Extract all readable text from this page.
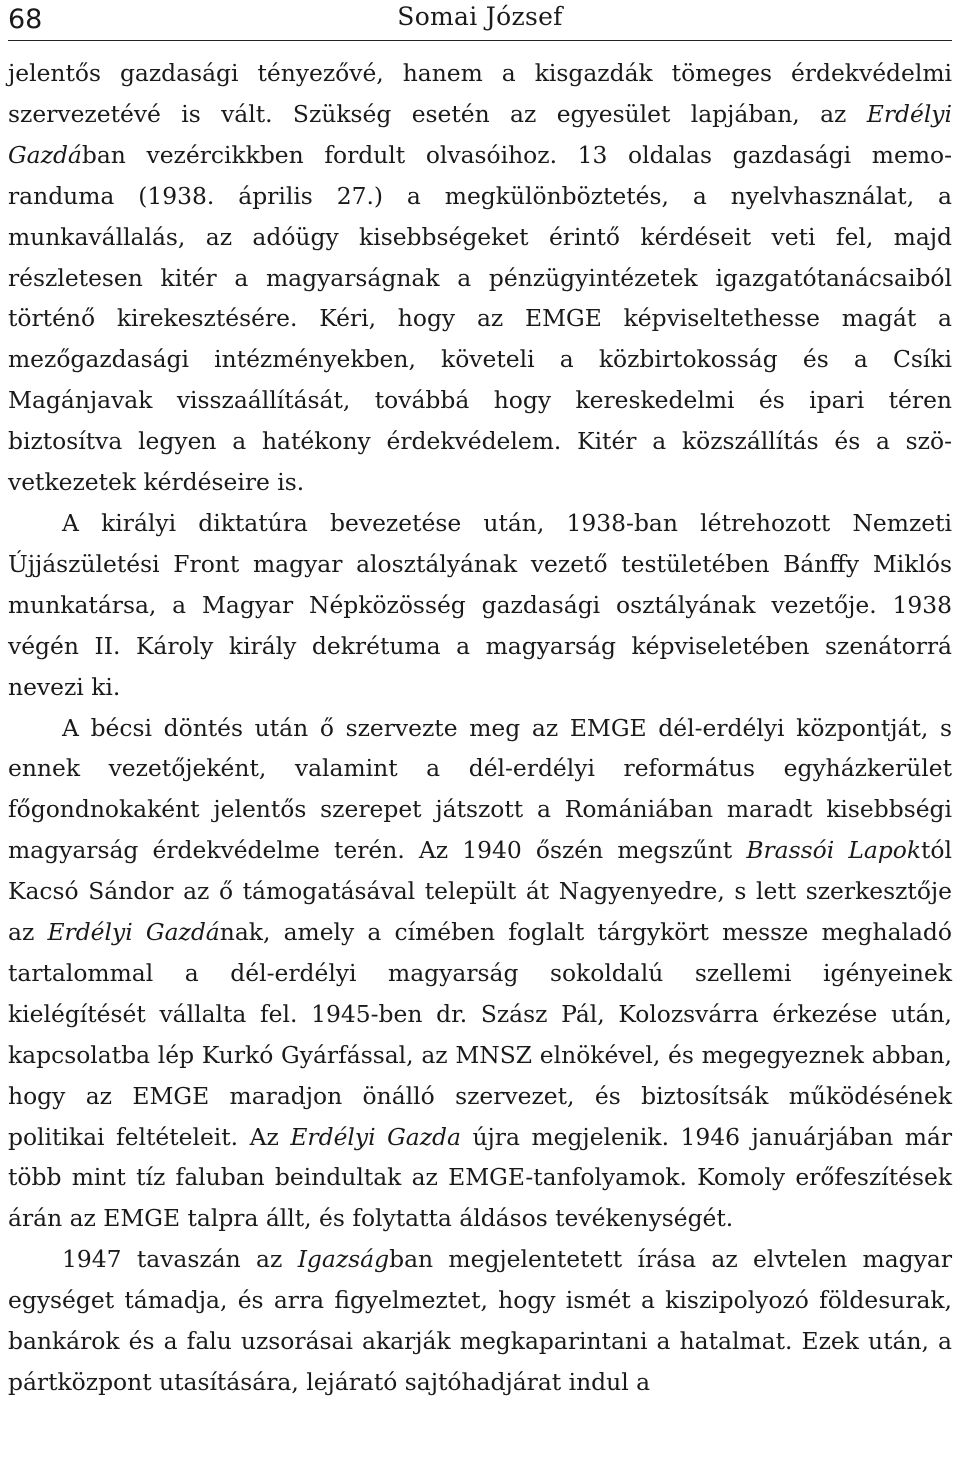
68	Somai József

jelentős gazdasági tényezővé, hanem a kisgazdák tömeges érdekvédelmi szervezetévé is vált. Szükség esetén az egyesület lapjában, az Erdélyi Gazdában vezércikkben fordult olvasóihoz. 13 oldalas gazdasági memoranduma (1938. április 27.) a megkülönböztetés, a nyelvhasználat, a munkavállalás, az adóügy kisebbségeket érintő kérdéseit veti fel, majd részletesen kitér a magyarságnak a pénzügyintézetek igazgatótanácsaiból történő kirekesztésére. Kéri, hogy az EMGE képviseltethesse magát a mezőgazdasági intézményekben, követeli a közbirtokosság és a Csíki Magánjavak visszaállítását, továbbá hogy kereskedelmi és ipari téren biztosítva legyen a hatékony érdekvédelem. Kitér a közszállítás és a szövetkezetek kérdéseire is.

A királyi diktatúra bevezetése után, 1938-ban létrehozott Nemzeti Újjászületési Front magyar alosztályának vezető testületében Bánffy Miklós munkatársa, a Magyar Népközösség gazdasági osztályának vezetője. 1938 végén II. Károly király dekrétuma a magyarság képviseletében szenátorrá nevezi ki.

A bécsi döntés után ő szervezte meg az EMGE dél-erdélyi központját, s ennek vezetőjeként, valamint a dél-erdélyi református egyházkerület főgondnokaként jelentős szerepet játszott a Romániában maradt kisebbségi magyarság érdekvédelme terén. Az 1940 őszén megszűnt Brassói Lapoktól Kacsó Sándor az ő támogatásával települt át Nagyenyedre, s lett szerkesztője az Erdélyi Gazdának, amely a címében foglalt tárgykört messze meghaladó tartalommal a dél-erdélyi magyarság sokoldalú szellemi igényeinek kielégítését vállalta fel. 1945-ben dr. Szász Pál, Kolozsvárra érkezése után, kapcsolatba lép Kurkó Gyárfással, az MNSZ elnökével, és megegyeznek abban, hogy az EMGE maradjon önálló szervezet, és biztosítsák működésének politikai feltételeit. Az Erdélyi Gazda újra megjelenik. 1946 januárjában már több mint tíz faluban beindultak az EMGE-tanfolyamok. Komoly erőfeszítések árán az EMGE talpra állt, és folytatta áldásos tevékenységét.

1947 tavaszán az Igazságban megjelentetett írása az elvtelen magyar egységet támadja, és arra figyelmeztet, hogy ismét a kiszipolyozó földesurak, bankárok és a falu uzsorásai akarják megkaparintani a hatalmat. Ezek után, a pártközpont utasítására, lejárató sajtóhadjárat indul a
